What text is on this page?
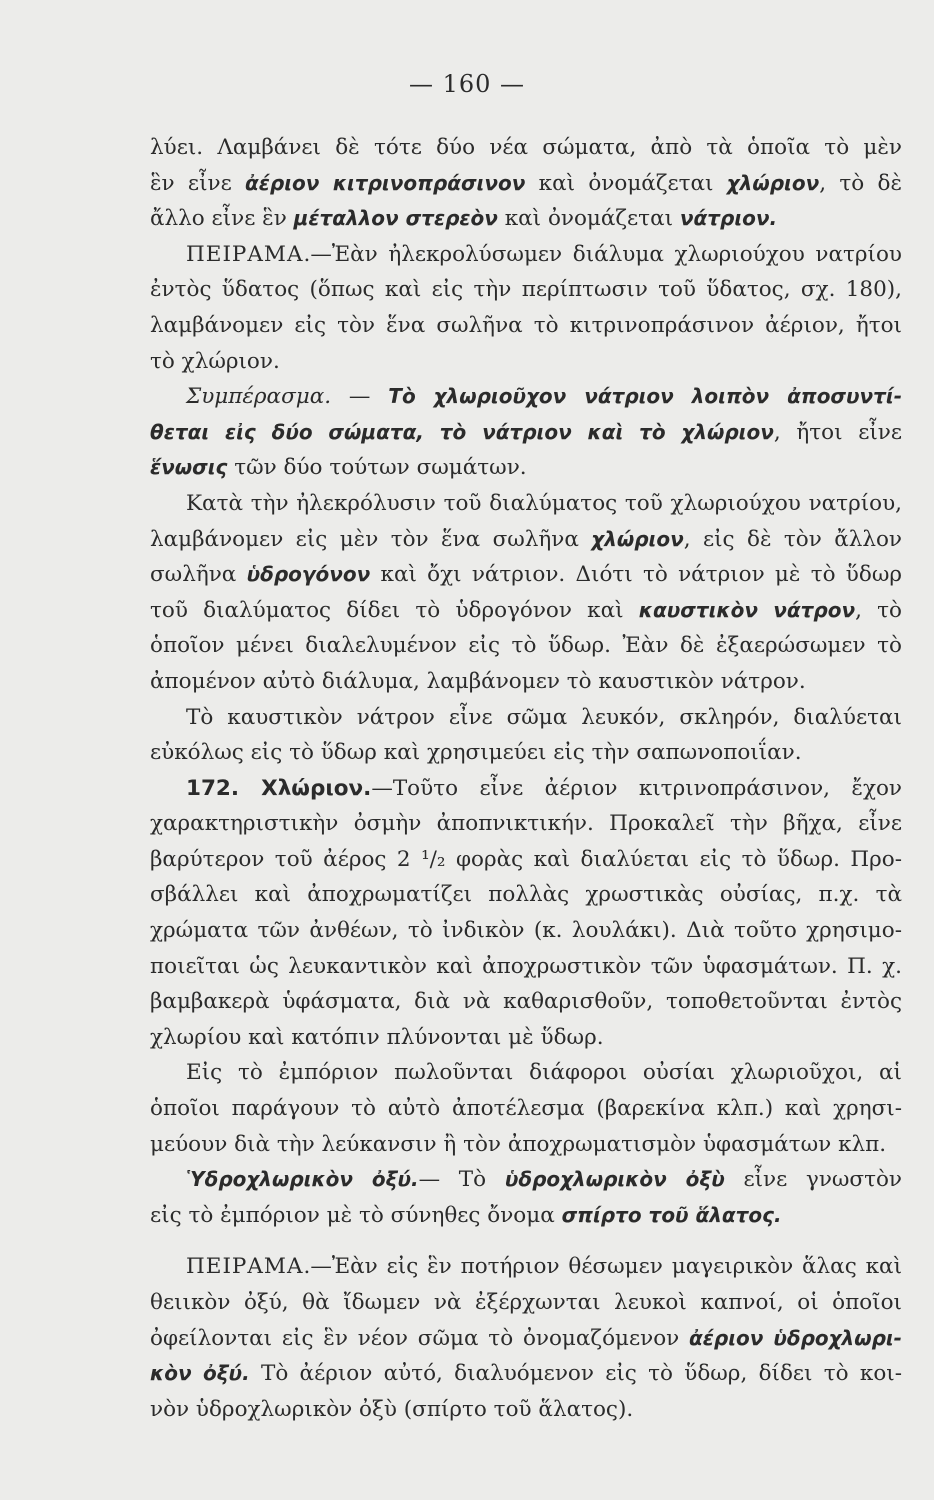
— 160 —
λύει. Λαμβάνει δὲ τότε δύο νέα σώματα, ἀπὸ τὰ ὁποῖα τὸ μὲν
ἓν εἶνε ἀέριον κιτρινοπράσινον καὶ ὀνομάζεται χλώριον, τὸ δὲ
ἄλλο εἶνε ἓν μέταλλον στερεὸν καὶ ὀνομάζεται νάτριον.
ΠΕΙΡΑΜΑ.—Ἐὰν ἠλεκρολύσωμεν διάλυμα χλωριούχου νατρίου
ἐντὸς ὕδατος (ὅπως καὶ εἰς τὴν περίπτωσιν τοῦ ὕδατος, σχ. 180),
λαμβάνομεν εἰς τὸν ἕνα σωλῆνα τὸ κιτρινοπράσινον ἀέριον, ἤτοι
τὸ χλώριον.
Συμπέρασμα. — Τὸ χλωριοῦχον νάτριον λοιπὸν ἀποσυντί-
θεται εἰς δύο σώματα, τὸ νάτριον καὶ τὸ χλώριον, ἤτοι εἶνε
ἕνωσις τῶν δύο τούτων σωμάτων.
Κατὰ τὴν ἠλεκρόλυσιν τοῦ διαλύματος τοῦ χλωριούχου νατρίου,
λαμβάνομεν εἰς μὲν τὸν ἕνα σωλῆνα χλώριον, εἰς δὲ τὸν ἄλλον
σωλῆνα ὑδρογόνον καὶ ὄχι νάτριον. Διότι τὸ νάτριον μὲ τὸ ὕδωρ
τοῦ διαλύματος δίδει τὸ ὑδρογόνον καὶ καυστικὸν νάτρον, τὸ
ὁποῖον μένει διαλελυμένον εἰς τὸ ὕδωρ. Ἐὰν δὲ ἐξαερώσωμεν τὸ
ἀπομένον αὐτὸ διάλυμα, λαμβάνομεν τὸ καυστικὸν νάτρον.
Τὸ καυστικὸν νάτρον εἶνε σῶμα λευκόν, σκληρόν, διαλύεται
εὐκόλως εἰς τὸ ὕδωρ καὶ χρησιμεύει εἰς τὴν σαπωνοποιΐαν.
172. Χλώριον.—Τοῦτο εἶνε ἀέριον κιτρινοπράσινον, ἔχον
χαρακτηριστικὴν ὀσμὴν ἀποπνικτικήν. Προκαλεῖ τὴν βῆχα, εἶνε
βαρύτερον τοῦ ἀέρος 2 ¹/₂ φορὰς καὶ διαλύεται εἰς τὸ ὕδωρ. Προ-
σβάλλει καὶ ἀποχρωματίζει πολλὰς χρωστικὰς οὐσίας, π.χ. τὰ
χρώματα τῶν ἀνθέων, τὸ ἰνδικὸν (κ. λουλάκι). Διὰ τοῦτο χρησιμο-
ποιεῖται ὡς λευκαντικὸν καὶ ἀποχρωστικὸν τῶν ὑφασμάτων. Π. χ.
βαμβακερὰ ὑφάσματα, διὰ νὰ καθαρισθοῦν, τοποθετοῦνται ἐντὸς
χλωρίου καὶ κατόπιν πλύνονται μὲ ὕδωρ.
Εἰς τὸ ἐμπόριον πωλοῦνται διάφοροι οὐσίαι χλωριοῦχοι, αἱ
ὁποῖοι παράγουν τὸ αὐτὸ ἀποτέλεσμα (βαρεκίνα κλπ.) καὶ χρησι-
μεύουν διὰ τὴν λεύκανσιν ἢ τὸν ἀποχρωματισμὸν ὑφασμάτων κλπ.
Ὑδροχλωρικὸν ὀξύ.— Τὸ ὑδροχλωρικὸν ὀξὺ εἶνε γνωστὸν
εἰς τὸ ἐμπόριον μὲ τὸ σύνηθες ὄνομα σπίρτο τοῦ ἅλατος.
ΠΕΙΡΑΜΑ.—Ἐὰν εἰς ἓν ποτήριον θέσωμεν μαγειρικὸν ἅλας καὶ
θειικὸν ὀξύ, θὰ ἴδωμεν νὰ ἐξέρχωνται λευκοὶ καπνοί, οἱ ὁποῖοι
ὀφείλονται εἰς ἓν νέον σῶμα τὸ ὀνομαζόμενον ἀέριον ὑδροχλωρι-
κὸν ὀξύ. Τὸ ἀέριον αὐτό, διαλυόμενον εἰς τὸ ὕδωρ, δίδει τὸ κοι-
νὸν ὑδροχλωρικὸν ὀξὺ (σπίρτο τοῦ ἅλατος).
